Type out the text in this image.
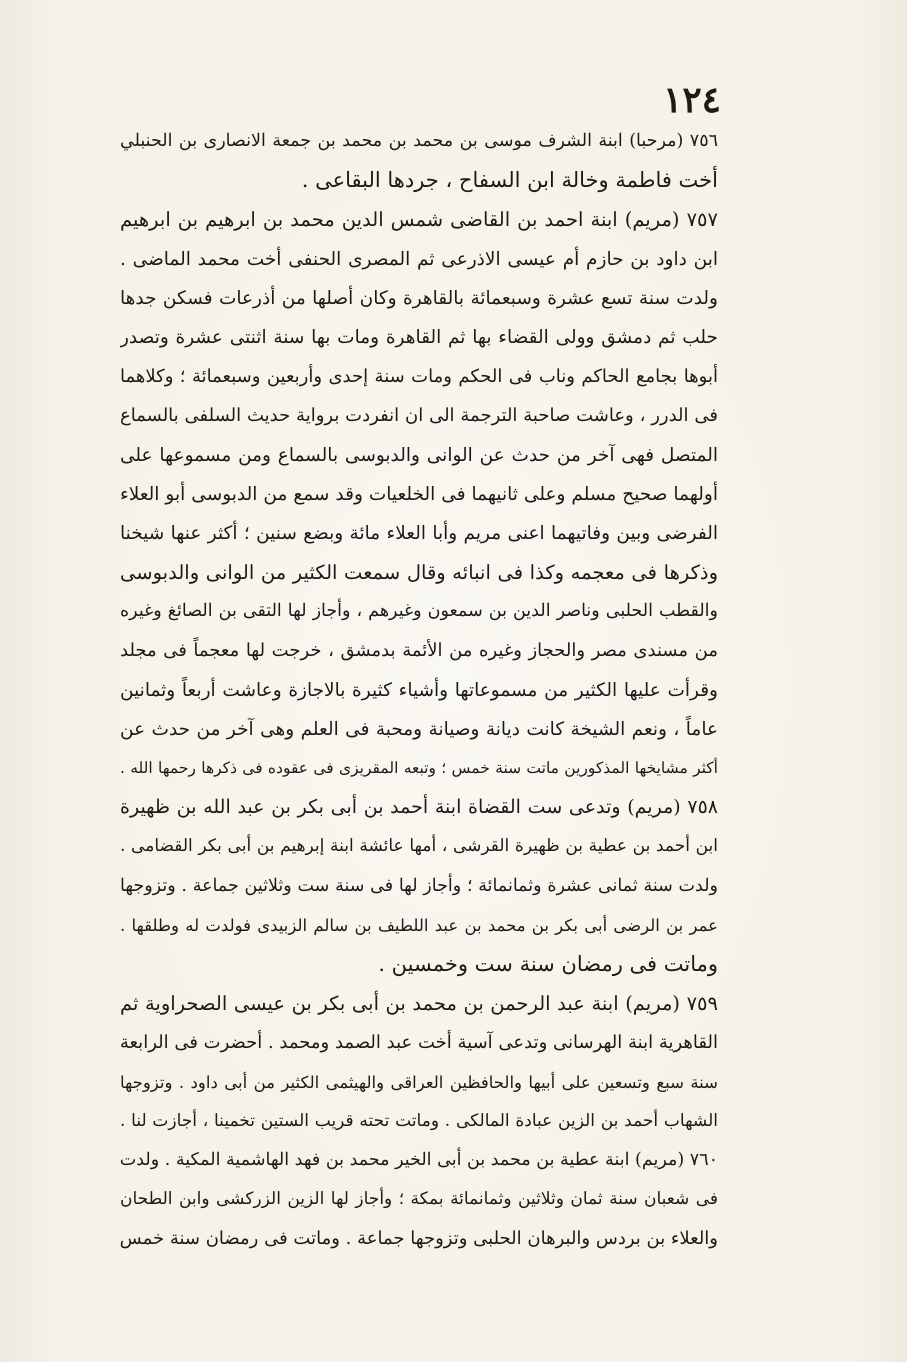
١٢٤
٧٥٦ (مرحبا) ابنة الشرف موسى بن محمد بن محمد بن جمعة الانصارى بن الحنبلي
أخت فاطمة وخالة ابن السفاح ، جردها البقاعى .
٧٥٧ (مريم) ابنة احمد بن القاضى شمس الدين محمد بن ابرهيم بن ابرهيم
ابن داود بن حازم أم عيسى الاذرعى ثم المصرى الحنفى أخت محمد الماضى .
ولدت سنة تسع عشرة وسبعمائة بالقاهرة وكان أصلها من أذرعات فسكن جدها
حلب ثم دمشق وولى القضاء بها ثم القاهرة ومات بها سنة اثنتى عشرة وتصدر
أبوها بجامع الحاكم وناب فى الحكم ومات سنة إحدى وأربعين وسبعمائة ؛ وكلاهما
فى الدرر ، وعاشت صاحبة الترجمة الى ان انفردت برواية حديث السلفى بالسماع
المتصل فهى آخر من حدث عن الوانى والدبوسى بالسماع ومن مسموعها على
أولهما صحيح مسلم وعلى ثانيهما فى الخلعيات وقد سمع من الدبوسى أبو العلاء
الفرضى وبين وفاتيهما اعنى مريم وأبا العلاء مائة وبضع سنين ؛ أكثر عنها شيخنا
وذكرها فى معجمه وكذا فى انبائه وقال سمعت الكثير من الوانى والدبوسى
والقطب الحلبى وناصر الدين بن سمعون وغيرهم ، وأجاز لها التقى بن الصائغ وغيره
من مسندى مصر والحجاز وغيره من الأئمة بدمشق ، خرجت لها معجماً فى مجلد
وقرأت عليها الكثير من مسموعاتها وأشياء كثيرة بالاجازة وعاشت أربعاً وثمانين
عاماً ، ونعم الشيخة كانت ديانة وصيانة ومحبة فى العلم وهى آخر من حدث عن
أكثر مشايخها المذكورين ماتت سنة خمس ؛ وتبعه المقريزى فى عقوده فى ذكرها رحمها الله .
٧٥٨ (مريم) وتدعى ست القضاة ابنة أحمد بن أبى بكر بن عبد الله بن ظهيرة
ابن أحمد بن عطية بن ظهيرة القرشى ، أمها عائشة ابنة إبرهيم بن أبى بكر القضامى .
ولدت سنة ثمانى عشرة وثمانمائة ؛ وأجاز لها فى سنة ست وثلاثين جماعة . وتزوجها
عمر بن الرضى أبى بكر بن محمد بن عبد اللطيف بن سالم الزبيدى فولدت له وطلقها .
وماتت فى رمضان سنة ست وخمسين .
٧٥٩ (مريم) ابنة عبد الرحمن بن محمد بن أبى بكر بن عيسى الصحراوية ثم
القاهرية ابنة الهرسانى وتدعى آسية أخت عبد الصمد ومحمد . أحضرت فى الرابعة
سنة سبع وتسعين على أبيها والحافظين العراقى والهيثمى الكثير من أبى داود . وتزوجها
الشهاب أحمد بن الزين عبادة المالكى . وماتت تحته قريب الستين تخمينا ، أجازت لنا .
٧٦٠ (مريم) ابنة عطية بن محمد بن أبى الخير محمد بن فهد الهاشمية المكية . ولدت
فى شعبان سنة ثمان وثلاثين وثمانمائة بمكة ؛ وأجاز لها الزين الزركشى وابن الطحان
والعلاء بن بردس والبرهان الحلبى وتزوجها جماعة . وماتت فى رمضان سنة خمس
